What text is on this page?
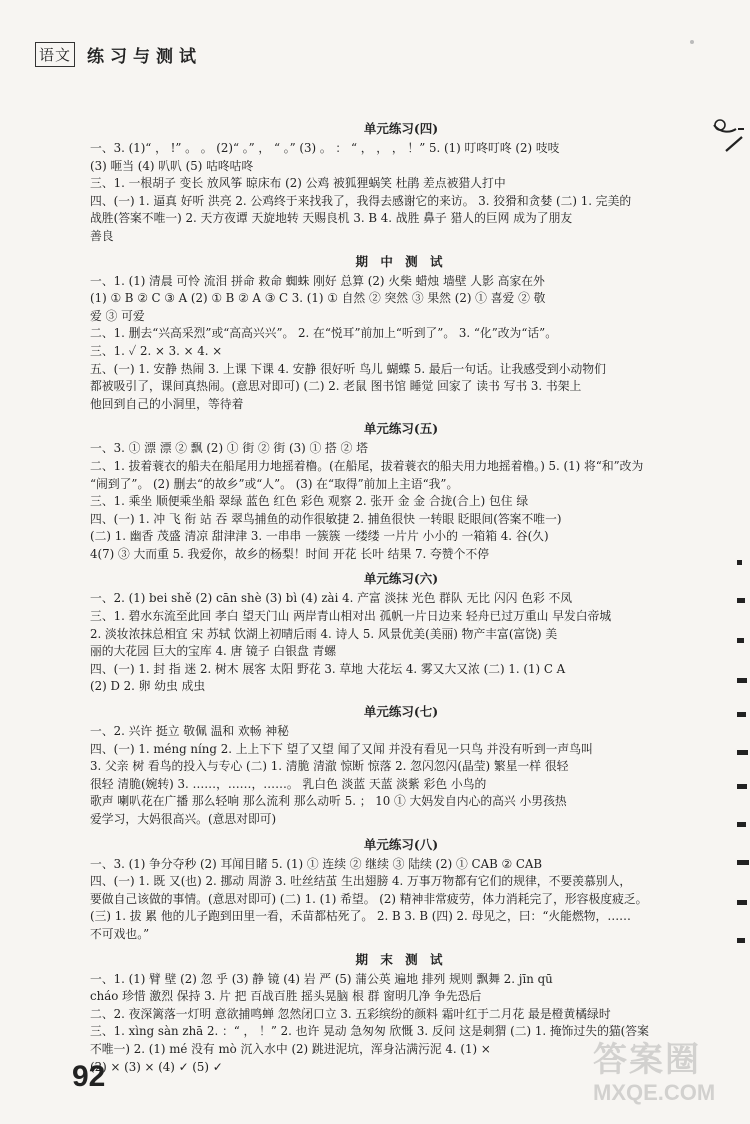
语文 练习与测试
单元练习(四)
一、3. (1)“ ， !” 。 。 (2)“ 。” ， “ 。” (3) 。 ： “ ， ， ， ！” 5. (1) 叮咚叮咚 (2) 吱吱
(3) 咂当 (4) 叭叭 (5) 咕咚咕咚
三、1. 一根胡子 变长 放风筝 晾床布 (2) 公鸡 被狐狸蜗笑 杜鹃 差点被猎人打中
四、(一) 1. 逼真 好听 洪亮 2. 公鸡终于来找我了，我得去感谢它的来访。 3. 狡猾和贪婪 (二) 1. 完美的
战胜(答案不唯一) 2. 天方夜谭 天旋地转 天赐良机 3. B 4. 战胜 鼻子 猎人的巨网 成为了朋友
善良
期 中 测 试
一、1. (1) 清晨 可怜 流泪 拼命 救命 蜘蛛 刚好 总算 (2) 火柴 蜡烛 墙壁 人影 高家在外
(1) ① B ② C ③ A (2) ① B ② A ③ C 3. (1) ① 自然 ② 突然 ③ 果然 (2) ① 喜爱 ② 敬
爱 ③ 可爱
二、1. 删去“兴高采烈”或“高高兴兴”。 2. 在“悦耳”前加上“听到了”。 3. “化”改为“话”。
三、1. ✓ 2. × 3. × 4. ×
五、(一) 1. 安静 热闹 3. 上课 下课 4. 安静 很好听 鸟儿 蝴蝶 5. 最后一句话。让我感受到小动物们
都被吸引了，课间真热闹。(意思对即可) (二) 2. 老鼠 图书馆 睡觉 回家了 读书 写书 3. 书架上
他回到自己的小洞里，等待着
单元练习(五)
一、3. ① 漂 漂 ② 飘 (2) ① 街 ② 街 (3) ① 搭 ② 塔
二、1. 拔着蓑衣的船夫在船尾用力地摇着橹。(在船尾，拔着蓑衣的船夫用力地摇着橹。) 5. (1) 将“和”改为
“闹到了”。 (2) 删去“的故乡”或“人”。 (3) 在“取得”前加上主语“我”。
三、1. 乘坐 顺便乘坐船 翠绿 蓝色 红色 彩色 观察 2. 张开 金 金 合拢(合上) 包住 绿
四、(一) 1. 冲 飞 衔 站 吞 翠鸟捕鱼的动作很敏捷 2. 捕鱼很快 一转眼 眨眼间(答案不唯一)
(二) 1. 幽香 茂盛 清凉 甜津津 3. 一串串 一簇簇 一缕缕 一片片 小小的 一箱箱 4. 谷(久)
4(7) ③ 大而重 5. 我爱你，故乡的杨梨！时间 开花 长叶 结果 7. 夸赞个不停
单元练习(六)
一、2. (1) bei shě (2) cān shè (3) bì (4) zài 4. 产富 淡抹 光色 群队 无比 闪闪 色彩 不凤
三、1. 碧水东流至此回 孝白 望天门山 两岸青山相对出 孤帆一片日边来 轻舟已过万重山 早发白帝城
2. 淡妆浓抹总相宜 宋 苏轼 饮湖上初晴后雨 4. 诗人 5. 风景优美(美丽) 物产丰富(富饶) 美
丽的大花园 巨大的宝库 4. 唐 镜子 白银盘 青螺
四、(一) 1. 封 指 迷 2. 树木 展客 太阳 野花 3. 草地 大花坛 4. 雾又大又浓 (二) 1. (1) C A
(2) D 2. 卵 幼虫 成虫
单元练习(七)
一、2. 兴许 挺立 敬佩 温和 欢畅 神秘
四、(一) 1. méng níng 2. 上上下下 望了又望 闻了又闻 并没有看见一只鸟 并没有听到一声鸟叫
3. 父亲 树 看鸟的投入与专心 (二) 1. 清脆 清澈 惊断 惊落 2. 忽闪忽闪(晶莹) 繁星一样 很轻
很轻 清脆(婉转) 3. ……，……，……。 乳白色 淡蓝 天蓝 淡紫 彩色 小鸟的
歌声 喇叭花在广播 那么轻响 那么流利 那么动听 5. ； 10 ① 大妈发自内心的高兴 小男孩热
爱学习，大妈很高兴。(意思对即可)
单元练习(八)
一、3. (1) 争分夺秒 (2) 耳闻目睹 5. (1) ① 连续 ② 继续 ③ 陆续 (2) ① CAB ② CAB
四、(一) 1. 既 又(也) 2. 挪动 周游 3. 吐丝结茧 生出翅膀 4. 万事万物都有它们的规律，不要羡慕别人，
要做自己该做的事情。(意思对即可) (二) 1. (1) 希望。 (2) 精神非常疲劳，体力消耗完了，形容极度疲乏。
(三) 1. 拔 累 他的儿子跑到田里一看，禾苗都枯死了。 2. B 3. B (四) 2. 母见之，曰：“火能燃物，……
不可戏也。”
期 末 测 试
一、1. (1) 臂 壁 (2) 忽 乎 (3) 静 镜 (4) 岩 严 (5) 蒲公英 遍地 排列 规则 飘舞 2. jīn qū
cháo 珍惜 激烈 保持 3. 片 把 百战百胜 摇头晃脑 根 群 窗明几净 争先恐后
二、2. 夜深篱落一灯明 意欲捕鸣蝉 忽然闭口立 3. 五彩缤纷的颜料 霜叶红于二月花 最是橙黄橘绿时
三、1. xìng sàn zhā 2. ：“ ， ！” 2. 也许 晃动 急匆匆 欣慨 3. 反问 这是刺猬 (二) 1. 掩饰过失的猫(答案
不唯一) 2. (1) mé 没有 mò 沉入水中 (2) 跳进泥坑，浑身沾满污泥 4. (1) ×
(2) × (3) × (4) ✓ (5) ✓
92	答案圈
MXQE.COM
